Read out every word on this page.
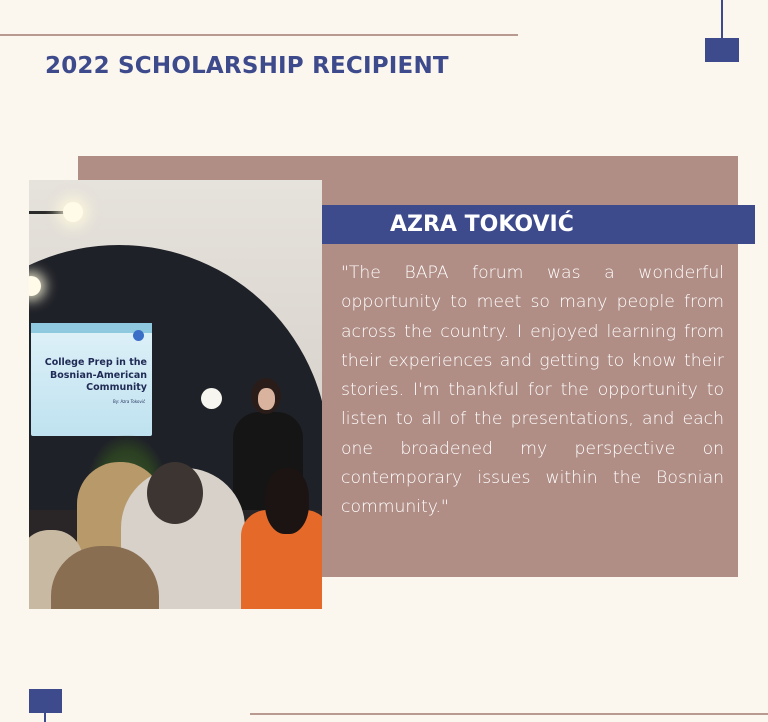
2022 SCHOLARSHIP RECIPIENT
College Prep in the Bosnian-American Community
By: Azra Toković
AZRA TOKOVIĆ

"The BAPA forum was a wonderful opportunity to meet so many people from across the country. I enjoyed learning from their experiences and getting to know their stories. I'm thankful for the opportunity to listen to all of the presentations, and each one broadened my perspective on contemporary issues within the Bosnian community."
